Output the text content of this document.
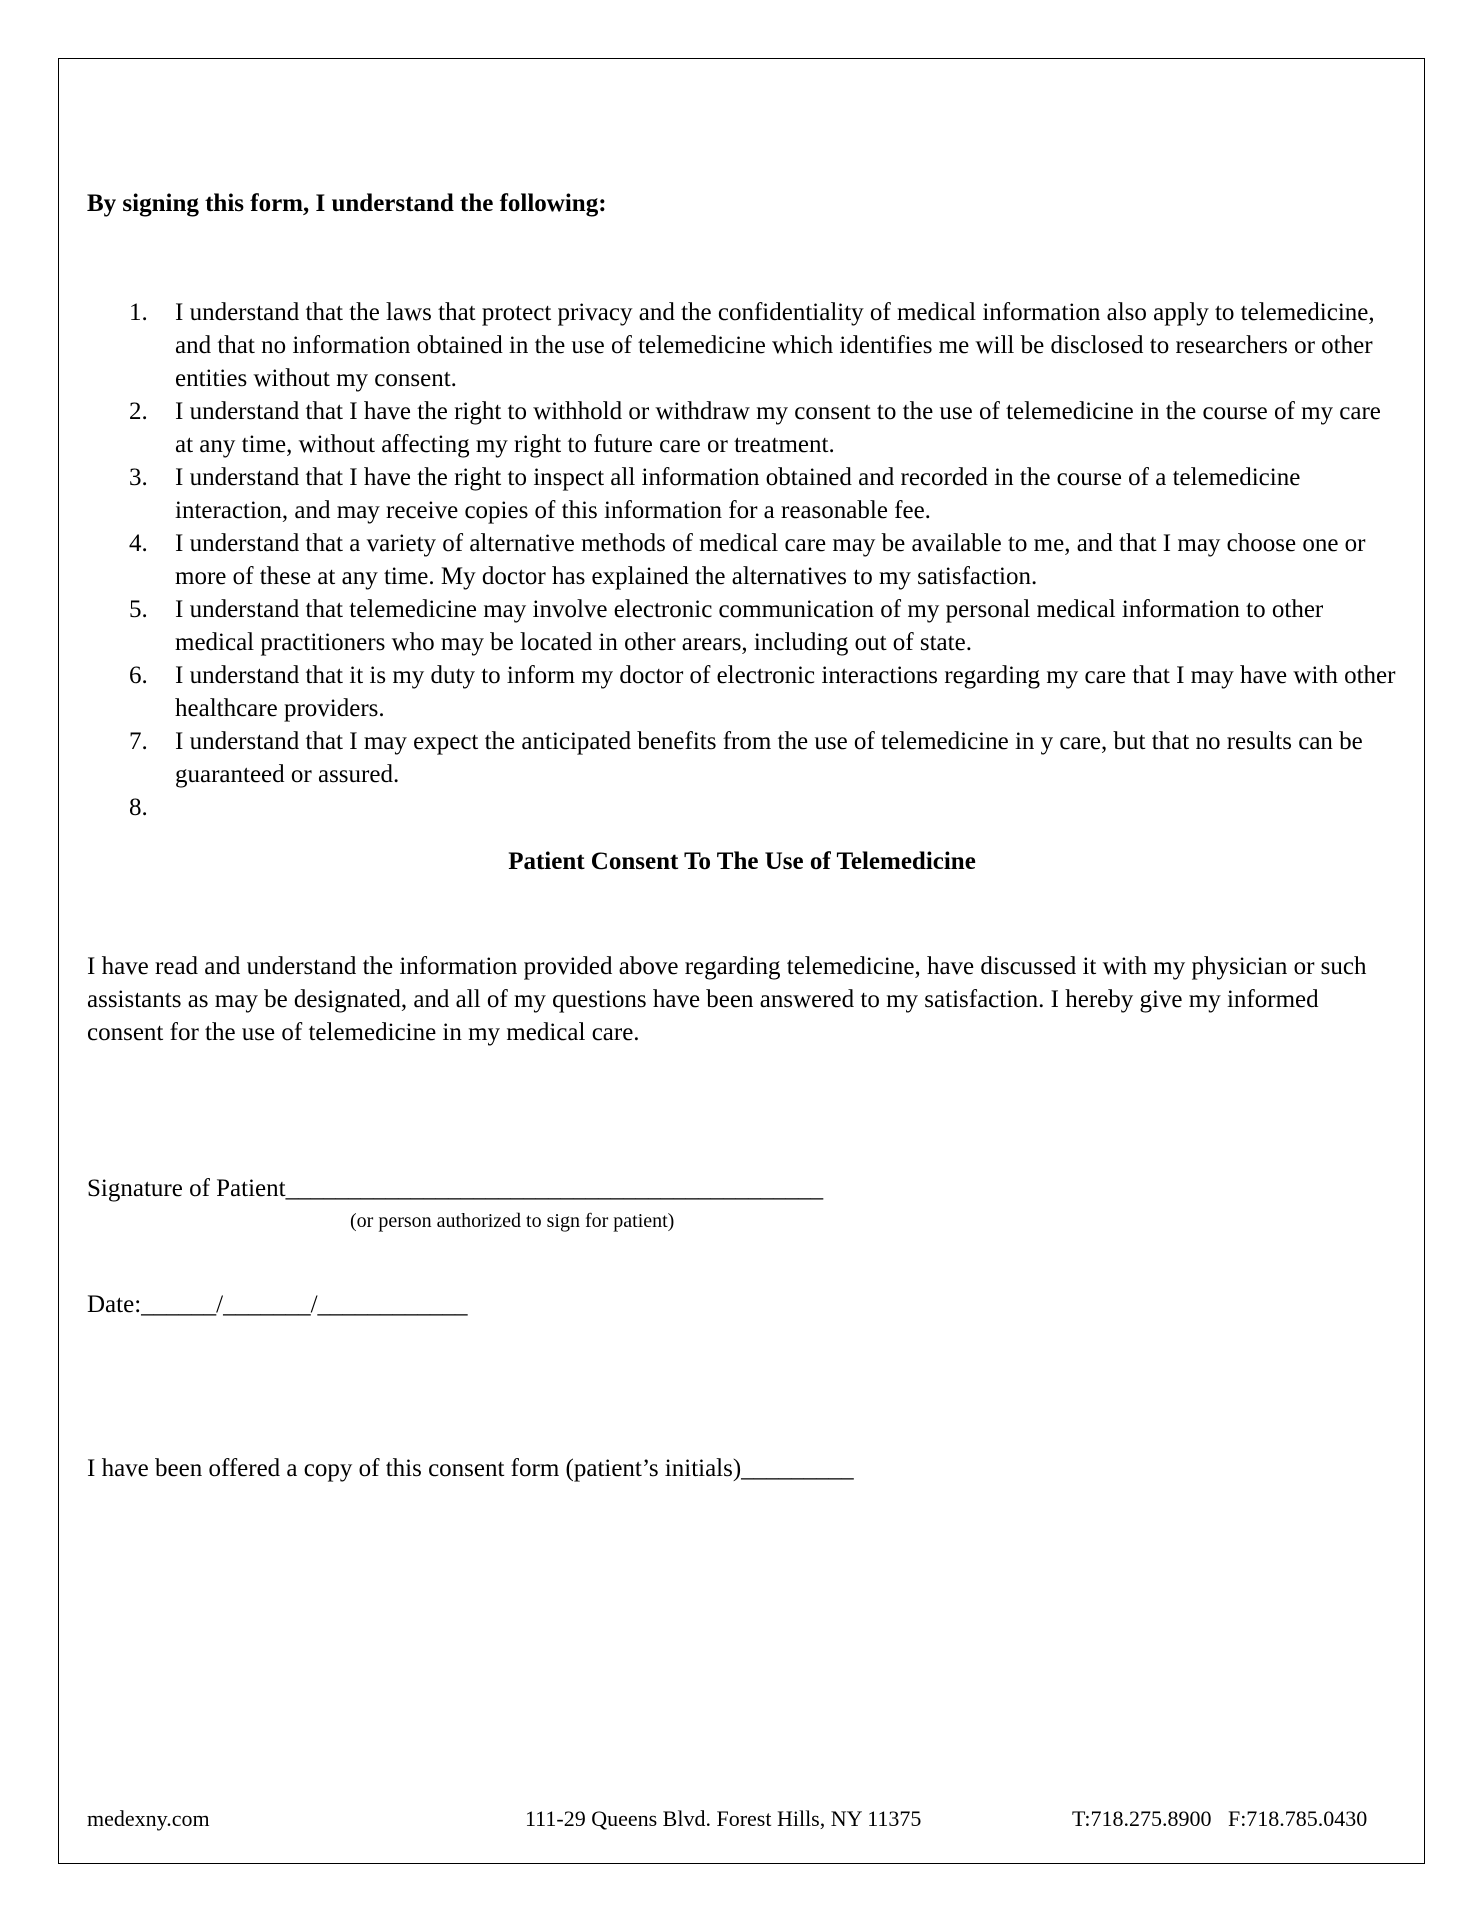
By signing this form, I understand the following:
1. I understand that the laws that protect privacy and the confidentiality of medical information also apply to telemedicine, and that no information obtained in the use of telemedicine which identifies me will be disclosed to researchers or other entities without my consent.
2. I understand that I have the right to withhold or withdraw my consent to the use of telemedicine in the course of my care at any time, without affecting my right to future care or treatment.
3. I understand that I have the right to inspect all information obtained and recorded in the course of a telemedicine interaction, and may receive copies of this information for a reasonable fee.
4. I understand that a variety of alternative methods of medical care may be available to me, and that I may choose one or more of these at any time. My doctor has explained the alternatives to my satisfaction.
5. I understand that telemedicine may involve electronic communication of my personal medical information to other medical practitioners who may be located in other arears, including out of state.
6. I understand that it is my duty to inform my doctor of electronic interactions regarding my care that I may have with other healthcare providers.
7. I understand that I may expect the anticipated benefits from the use of telemedicine in y care, but that no results can be guaranteed or assured.
8.
Patient Consent To The Use of Telemedicine
I have read and understand the information provided above regarding telemedicine, have discussed it with my physician or such assistants as may be designated, and all of my questions have been answered to my satisfaction. I hereby give my informed consent for the use of telemedicine in my medical care.
Signature of Patient___________________________________________
(or person authorized to sign for patient)
Date:______/_______/____________
I have been offered a copy of this consent form (patient’s initials)_________
medexny.com	111-29 Queens Blvd. Forest Hills, NY 11375	T:718.275.8900   F:718.785.0430
